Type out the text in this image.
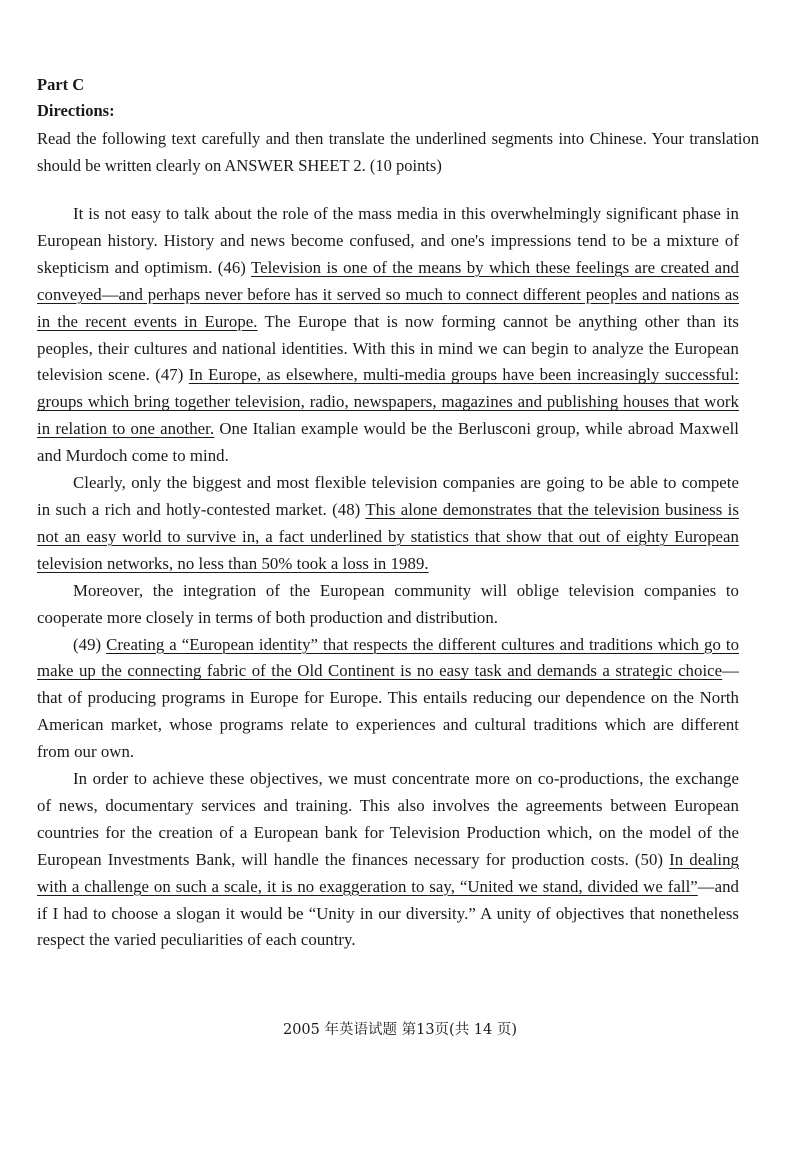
Part C
Directions:

Read the following text carefully and then translate the underlined segments into Chinese. Your translation should be written clearly on ANSWER SHEET 2. (10 points)

It is not easy to talk about the role of the mass media in this overwhelmingly significant phase in European history. History and news become confused, and one's impressions tend to be a mixture of skepticism and optimism. (46) Television is one of the means by which these feelings are created and conveyed—and perhaps never before has it served so much to connect different peoples and nations as in the recent events in Europe. The Europe that is now forming cannot be anything other than its peoples, their cultures and national identities. With this in mind we can begin to analyze the European television scene. (47) In Europe, as elsewhere, multi-media groups have been increasingly successful: groups which bring together television, radio, newspapers, magazines and publishing houses that work in relation to one another. One Italian example would be the Berlusconi group, while abroad Maxwell and Murdoch come to mind.

Clearly, only the biggest and most flexible television companies are going to be able to compete in such a rich and hotly-contested market. (48) This alone demonstrates that the television business is not an easy world to survive in, a fact underlined by statistics that show that out of eighty European television networks, no less than 50% took a loss in 1989.

Moreover, the integration of the European community will oblige television companies to cooperate more closely in terms of both production and distribution.

(49) Creating a “European identity” that respects the different cultures and traditions which go to make up the connecting fabric of the Old Continent is no easy task and demands a strategic choice—that of producing programs in Europe for Europe. This entails reducing our dependence on the North American market, whose programs relate to experiences and cultural traditions which are different from our own.

In order to achieve these objectives, we must concentrate more on co-productions, the exchange of news, documentary services and training. This also involves the agreements between European countries for the creation of a European bank for Television Production which, on the model of the European Investments Bank, will handle the finances necessary for production costs. (50) In dealing with a challenge on such a scale, it is no exaggeration to say, “United we stand, divided we fall”—and if I had to choose a slogan it would be “Unity in our diversity.” A unity of objectives that nonetheless respect the varied peculiarities of each country.

2005 年英语试题 第13页(共 14 页)
